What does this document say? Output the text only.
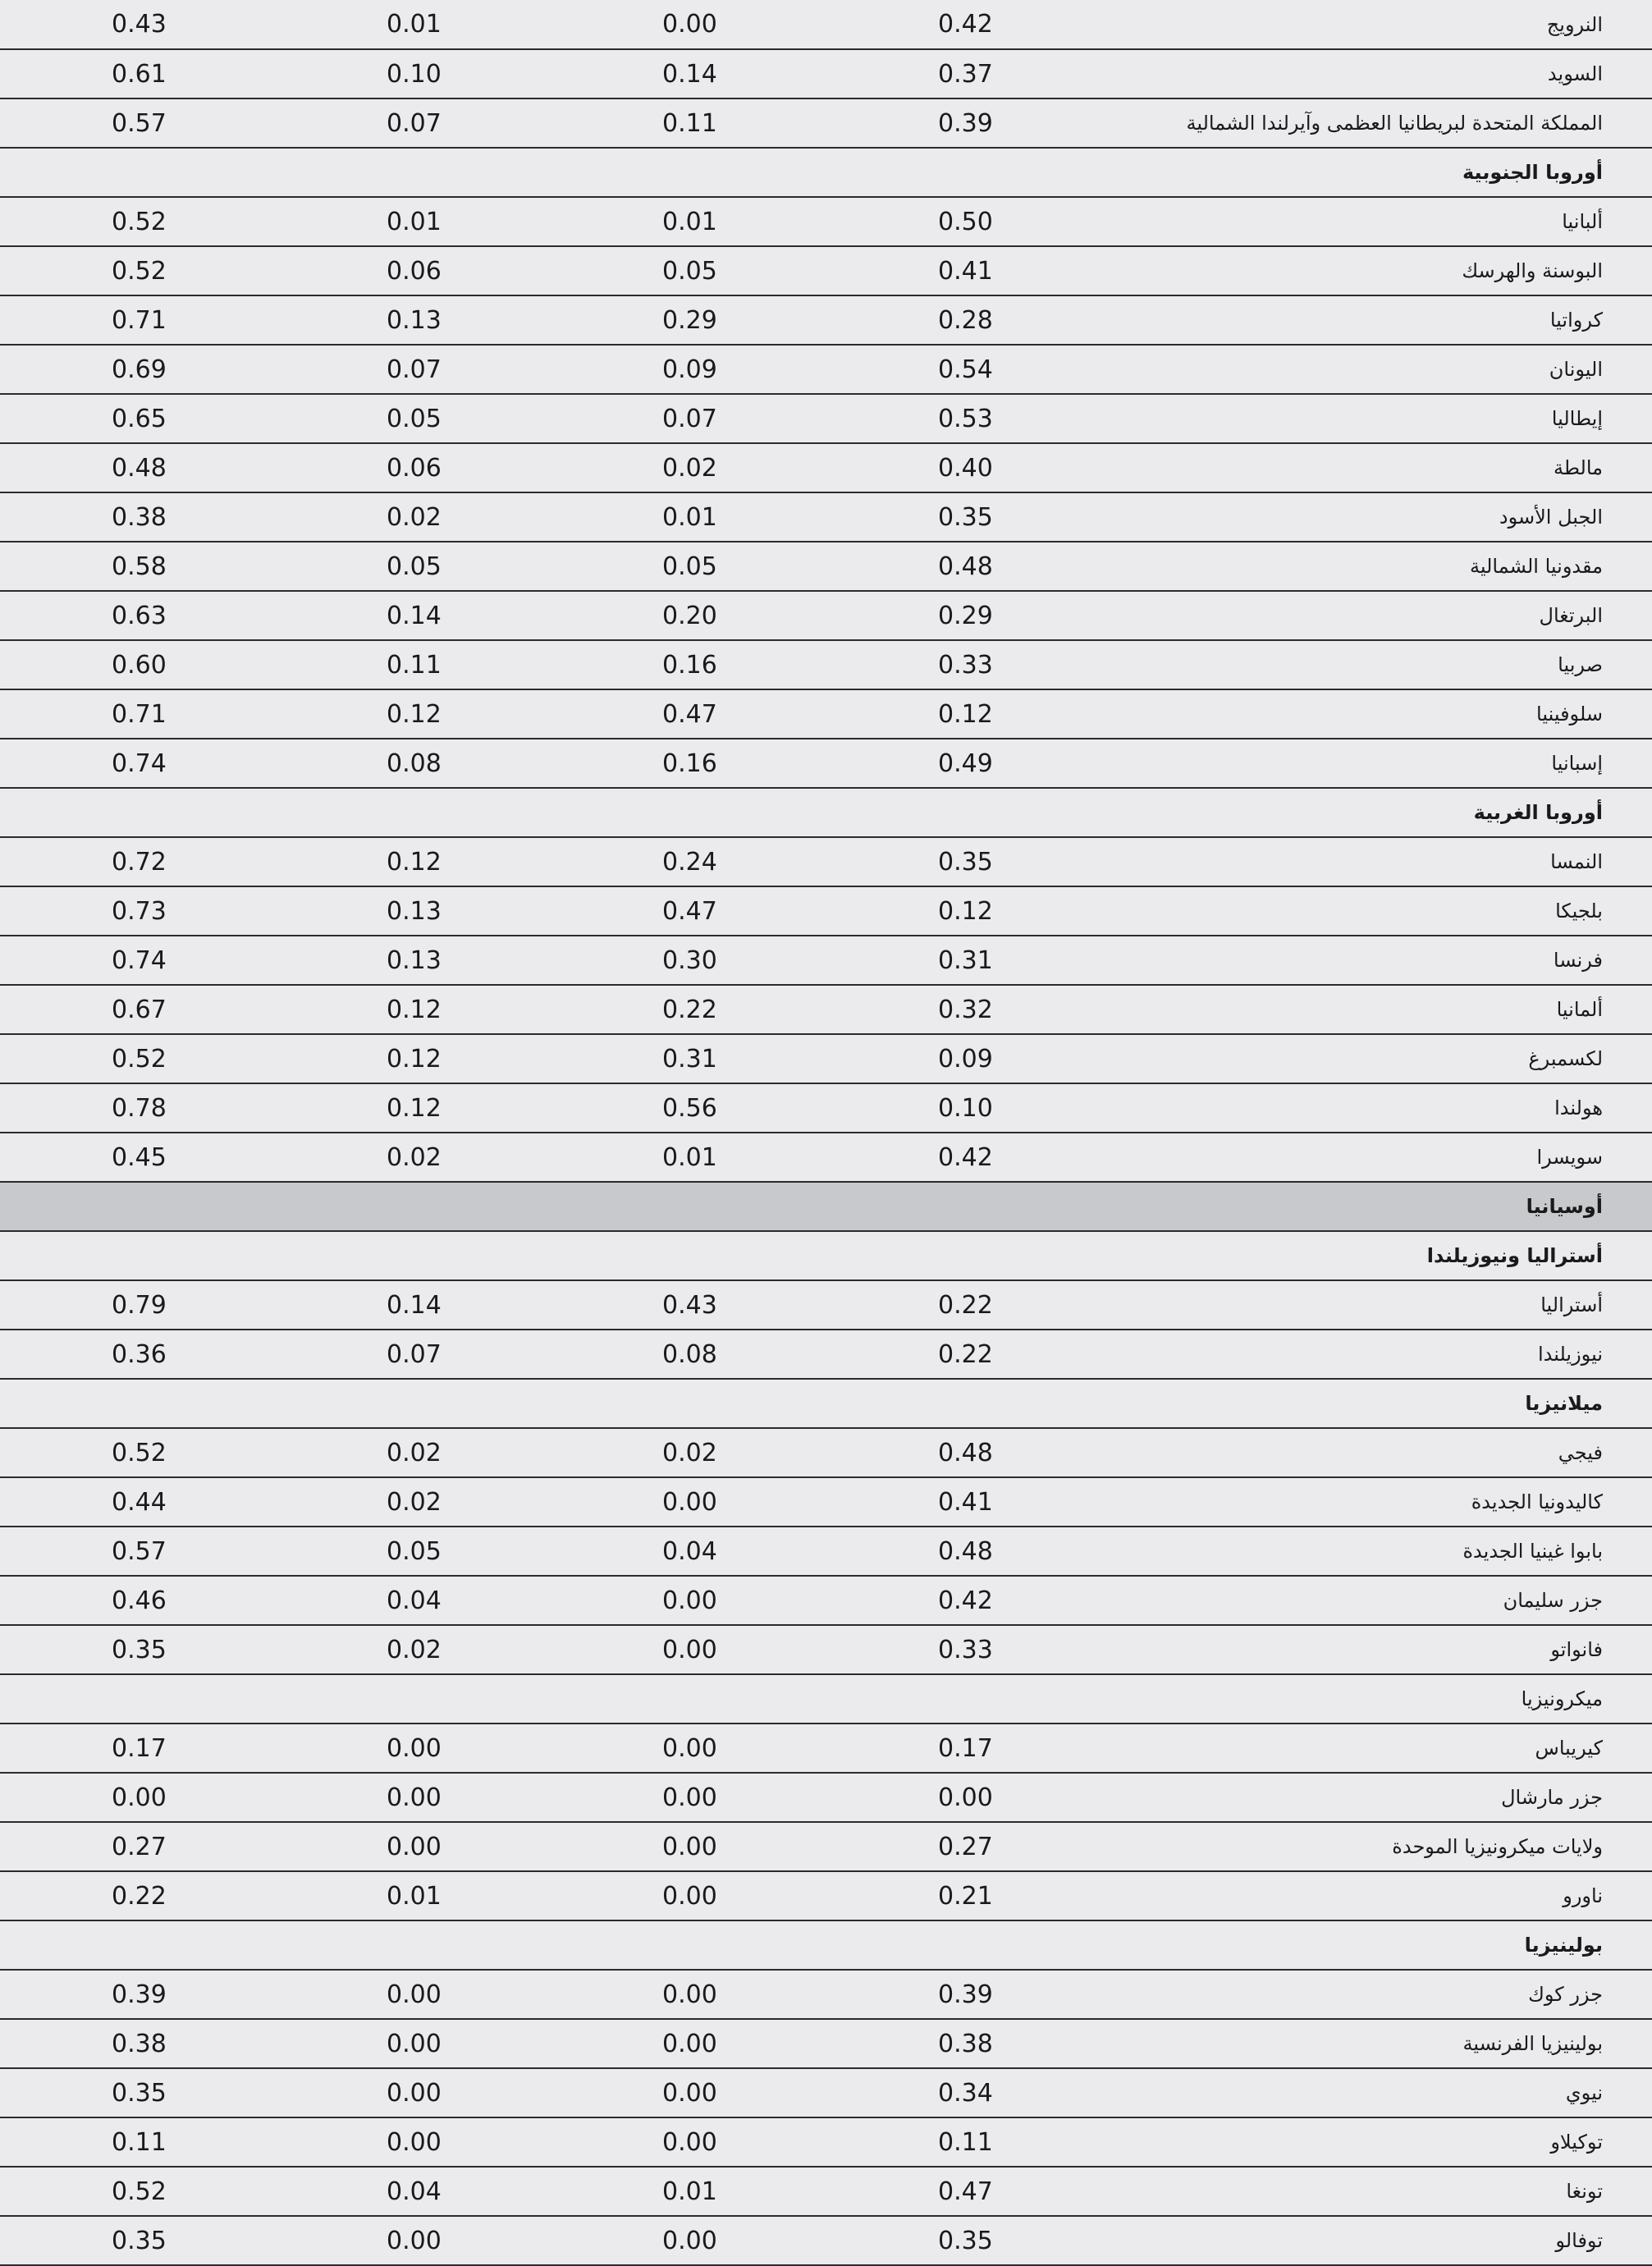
0.43	0.01	0.00	0.42	النرويج
0.61	0.10	0.14	0.37	السويد
0.57	0.07	0.11	0.39	المملكة المتحدة لبريطانيا العظمى وآيرلندا الشمالية
أوروبا الجنوبية				
0.52	0.01	0.01	0.50	ألبانيا
0.52	0.06	0.05	0.41	البوسنة والهرسك
0.71	0.13	0.29	0.28	كرواتيا
0.69	0.07	0.09	0.54	اليونان
0.65	0.05	0.07	0.53	إيطاليا
0.48	0.06	0.02	0.40	مالطة
0.38	0.02	0.01	0.35	الجبل الأسود
0.58	0.05	0.05	0.48	مقدونيا الشمالية
0.63	0.14	0.20	0.29	البرتغال
0.60	0.11	0.16	0.33	صربيا
0.71	0.12	0.47	0.12	سلوفينيا
0.74	0.08	0.16	0.49	إسبانيا
أوروبا الغربية				
0.72	0.12	0.24	0.35	النمسا
0.73	0.13	0.47	0.12	بلجيكا
0.74	0.13	0.30	0.31	فرنسا
0.67	0.12	0.22	0.32	ألمانيا
0.52	0.12	0.31	0.09	لكسمبرغ
0.78	0.12	0.56	0.10	هولندا
0.45	0.02	0.01	0.42	سويسرا
أوسيانيا				
أستراليا ونيوزيلندا				
0.79	0.14	0.43	0.22	أستراليا
0.36	0.07	0.08	0.22	نيوزيلندا
ميلانيزيا				
0.52	0.02	0.02	0.48	فيجي
0.44	0.02	0.00	0.41	كاليدونيا الجديدة
0.57	0.05	0.04	0.48	بابوا غينيا الجديدة
0.46	0.04	0.00	0.42	جزر سليمان
0.35	0.02	0.00	0.33	فانواتو
ميكرونيزيا				
0.17	0.00	0.00	0.17	كيريباس
0.00	0.00	0.00	0.00	جزر مارشال
0.27	0.00	0.00	0.27	ولايات ميكرونيزيا الموحدة
0.22	0.01	0.00	0.21	ناورو
بولينيزيا				
0.39	0.00	0.00	0.39	جزر كوك
0.38	0.00	0.00	0.38	بولينيزيا الفرنسية
0.35	0.00	0.00	0.34	نيوي
0.11	0.00	0.00	0.11	توكيلاو
0.52	0.04	0.01	0.47	تونغا
0.35	0.00	0.00	0.35	توفالو
